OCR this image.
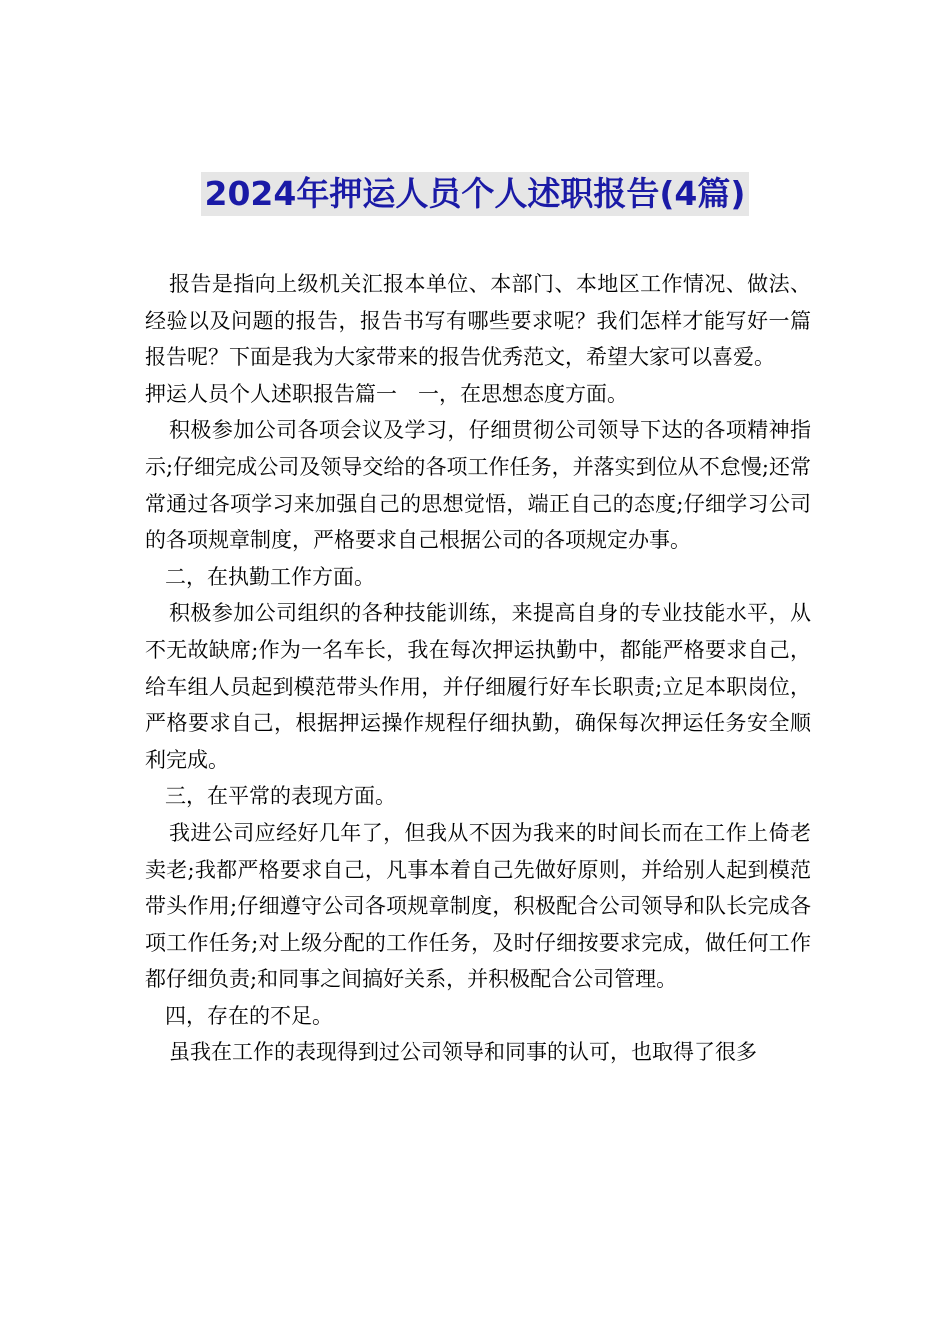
2024年押运人员个人述职报告(4篇)

报告是指向上级机关汇报本单位、本部门、本地区工作情况、做法、经验以及问题的报告，报告书写有哪些要求呢？我们怎样才能写好一篇报告呢？下面是我为大家带来的报告优秀范文，希望大家可以喜爱。

押运人员个人述职报告篇一　一，在思想态度方面。

积极参加公司各项会议及学习，仔细贯彻公司领导下达的各项精神指示;仔细完成公司及领导交给的各项工作任务，并落实到位从不怠慢;还常常通过各项学习来加强自己的思想觉悟，端正自己的态度;仔细学习公司的各项规章制度，严格要求自己根据公司的各项规定办事。

二，在执勤工作方面。

积极参加公司组织的各种技能训练，来提高自身的专业技能水平，从不无故缺席;作为一名车长，我在每次押运执勤中，都能严格要求自己，给车组人员起到模范带头作用，并仔细履行好车长职责;立足本职岗位，严格要求自己，根据押运操作规程仔细执勤，确保每次押运任务安全顺利完成。

三，在平常的表现方面。

我进公司应经好几年了，但我从不因为我来的时间长而在工作上倚老卖老;我都严格要求自己，凡事本着自己先做好原则，并给别人起到模范带头作用;仔细遵守公司各项规章制度，积极配合公司领导和队长完成各项工作任务;对上级分配的工作任务，及时仔细按要求完成，做任何工作都仔细负责;和同事之间搞好关系，并积极配合公司管理。

四，存在的不足。

虽我在工作的表现得到过公司领导和同事的认可，也取得了很多
